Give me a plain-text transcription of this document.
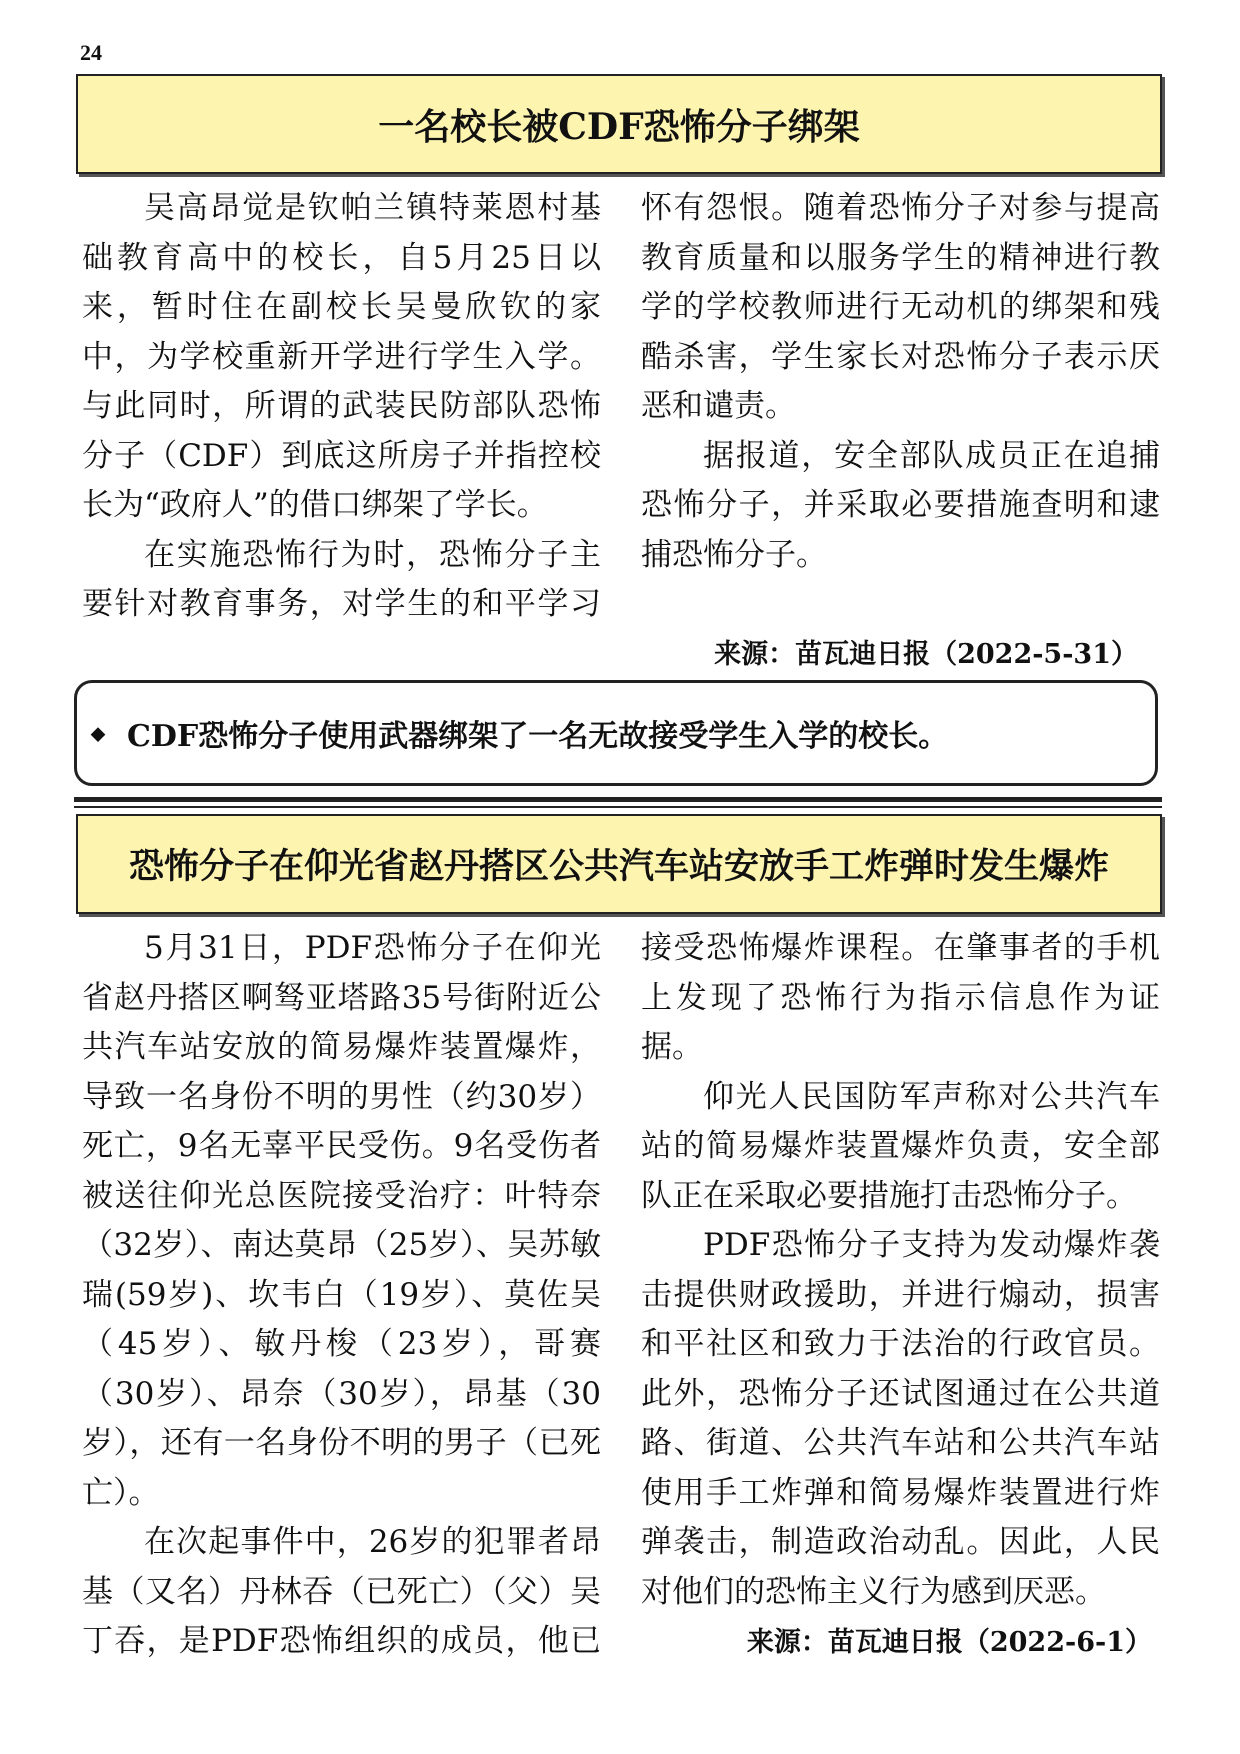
24
一名校长被CDF恐怖分子绑架

吴高昂觉是钦帕兰镇特莱恩村基础教育高中的校长，自5月25日以来，暂时住在副校长吴曼欣钦的家中，为学校重新开学进行学生入学。与此同时，所谓的武装民防部队恐怖分子（CDF）到底这所房子并指控校长为“政府人”的借口绑架了学长。

在实施恐怖行为时，恐怖分子主要针对教育事务，对学生的和平学习怀有怨恨。随着恐怖分子对参与提高教育质量和以服务学生的精神进行教学的学校教师进行无动机的绑架和残酷杀害，学生家长对恐怖分子表示厌恶和谴责。

据报道，安全部队成员正在追捕恐怖分子，并采取必要措施查明和逮捕恐怖分子。

来源：苗瓦迪日报（2022-5-31）
⬥ CDF恐怖分子使用武器绑架了一名无故接受学生入学的校长。
恐怖分子在仰光省赵丹搭区公共汽车站安放手工炸弹时发生爆炸

5月31日，PDF恐怖分子在仰光省赵丹搭区啊驽亚塔路35号街附近公共汽车站安放的简易爆炸装置爆炸，导致一名身份不明的男性（约30岁）死亡，9名无辜平民受伤。9名受伤者被送往仰光总医院接受治疗：叶特奈（32岁）、南达莫昂（25岁）、吴苏敏瑞(59岁)、坎韦白（19岁）、莫佐吴（45岁）、敏丹梭（23岁），哥赛（30岁）、昂奈（30岁），昂基（30岁），还有一名身份不明的男子（已死亡）。

在次起事件中，26岁的犯罪者昂基（又名）丹林吞（已死亡）（父）吴丁吞，是PDF恐怖组织的成员，他已接受恐怖爆炸课程。在肇事者的手机上发现了恐怖行为指示信息作为证据。

仰光人民国防军声称对公共汽车站的简易爆炸装置爆炸负责，安全部队正在采取必要措施打击恐怖分子。

PDF恐怖分子支持为发动爆炸袭击提供财政援助，并进行煽动，损害和平社区和致力于法治的行政官员。此外，恐怖分子还试图通过在公共道路、街道、公共汽车站和公共汽车站使用手工炸弹和简易爆炸装置进行炸弹袭击，制造政治动乱。因此，人民对他们的恐怖主义行为感到厌恶。

来源：苗瓦迪日报（2022-6-1）
